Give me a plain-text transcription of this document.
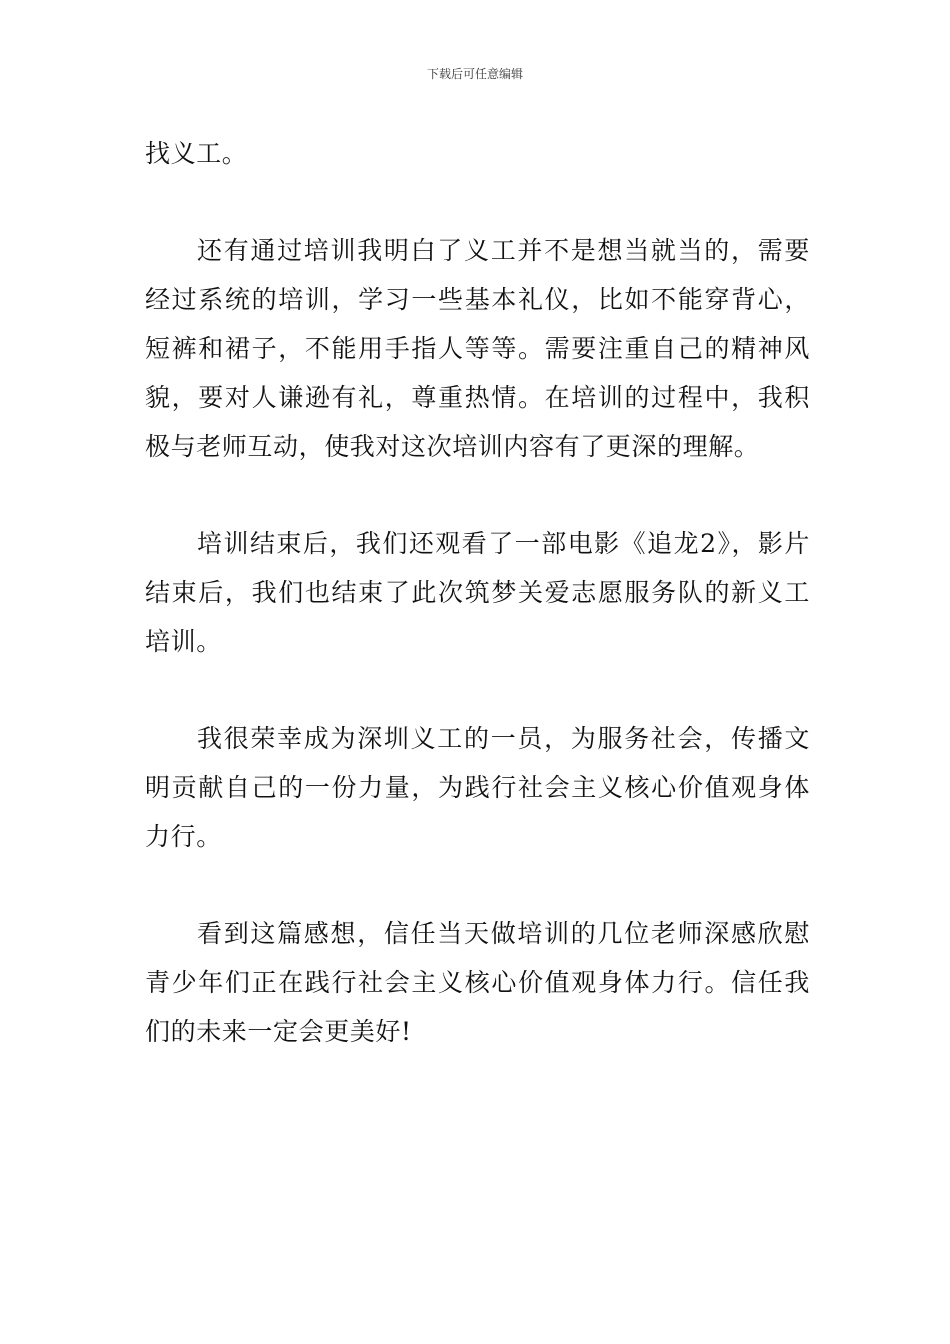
下载后可任意编辑

找义工。

还有通过培训我明白了义工并不是想当就当的，需要经过系统的培训，学习一些基本礼仪，比如不能穿背心，短裤和裙子，不能用手指人等等。需要注重自己的精神风貌，要对人谦逊有礼，尊重热情。在培训的过程中，我积极与老师互动，使我对这次培训内容有了更深的理解。

培训结束后，我们还观看了一部电影《追龙2》，影片结束后，我们也结束了此次筑梦关爱志愿服务队的新义工培训。

我很荣幸成为深圳义工的一员，为服务社会，传播文明贡献自己的一份力量，为践行社会主义核心价值观身体力行。

看到这篇感想，信任当天做培训的几位老师深感欣慰青少年们正在践行社会主义核心价值观身体力行。信任我们的未来一定会更美好!
